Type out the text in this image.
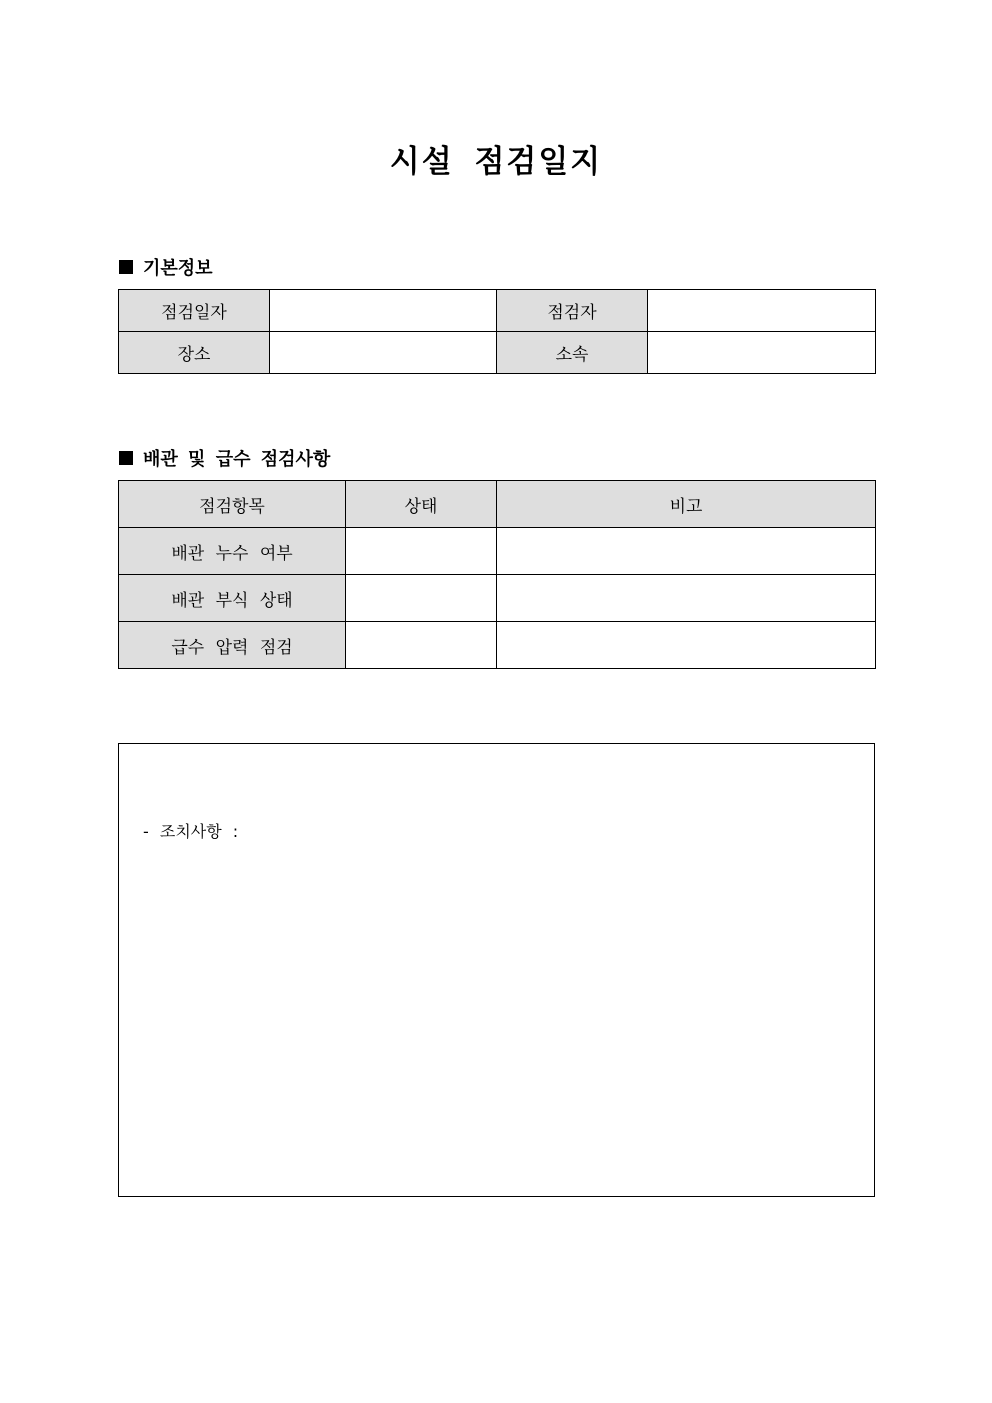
시설 점검일지
기본정보
점검일자		점검자	
장소		소속	
배관 및 급수 점검사항
점검항목	상태	비고
배관 누수 여부		
배관 부식 상태		
급수 압력 점검		
- 조치사항 :
